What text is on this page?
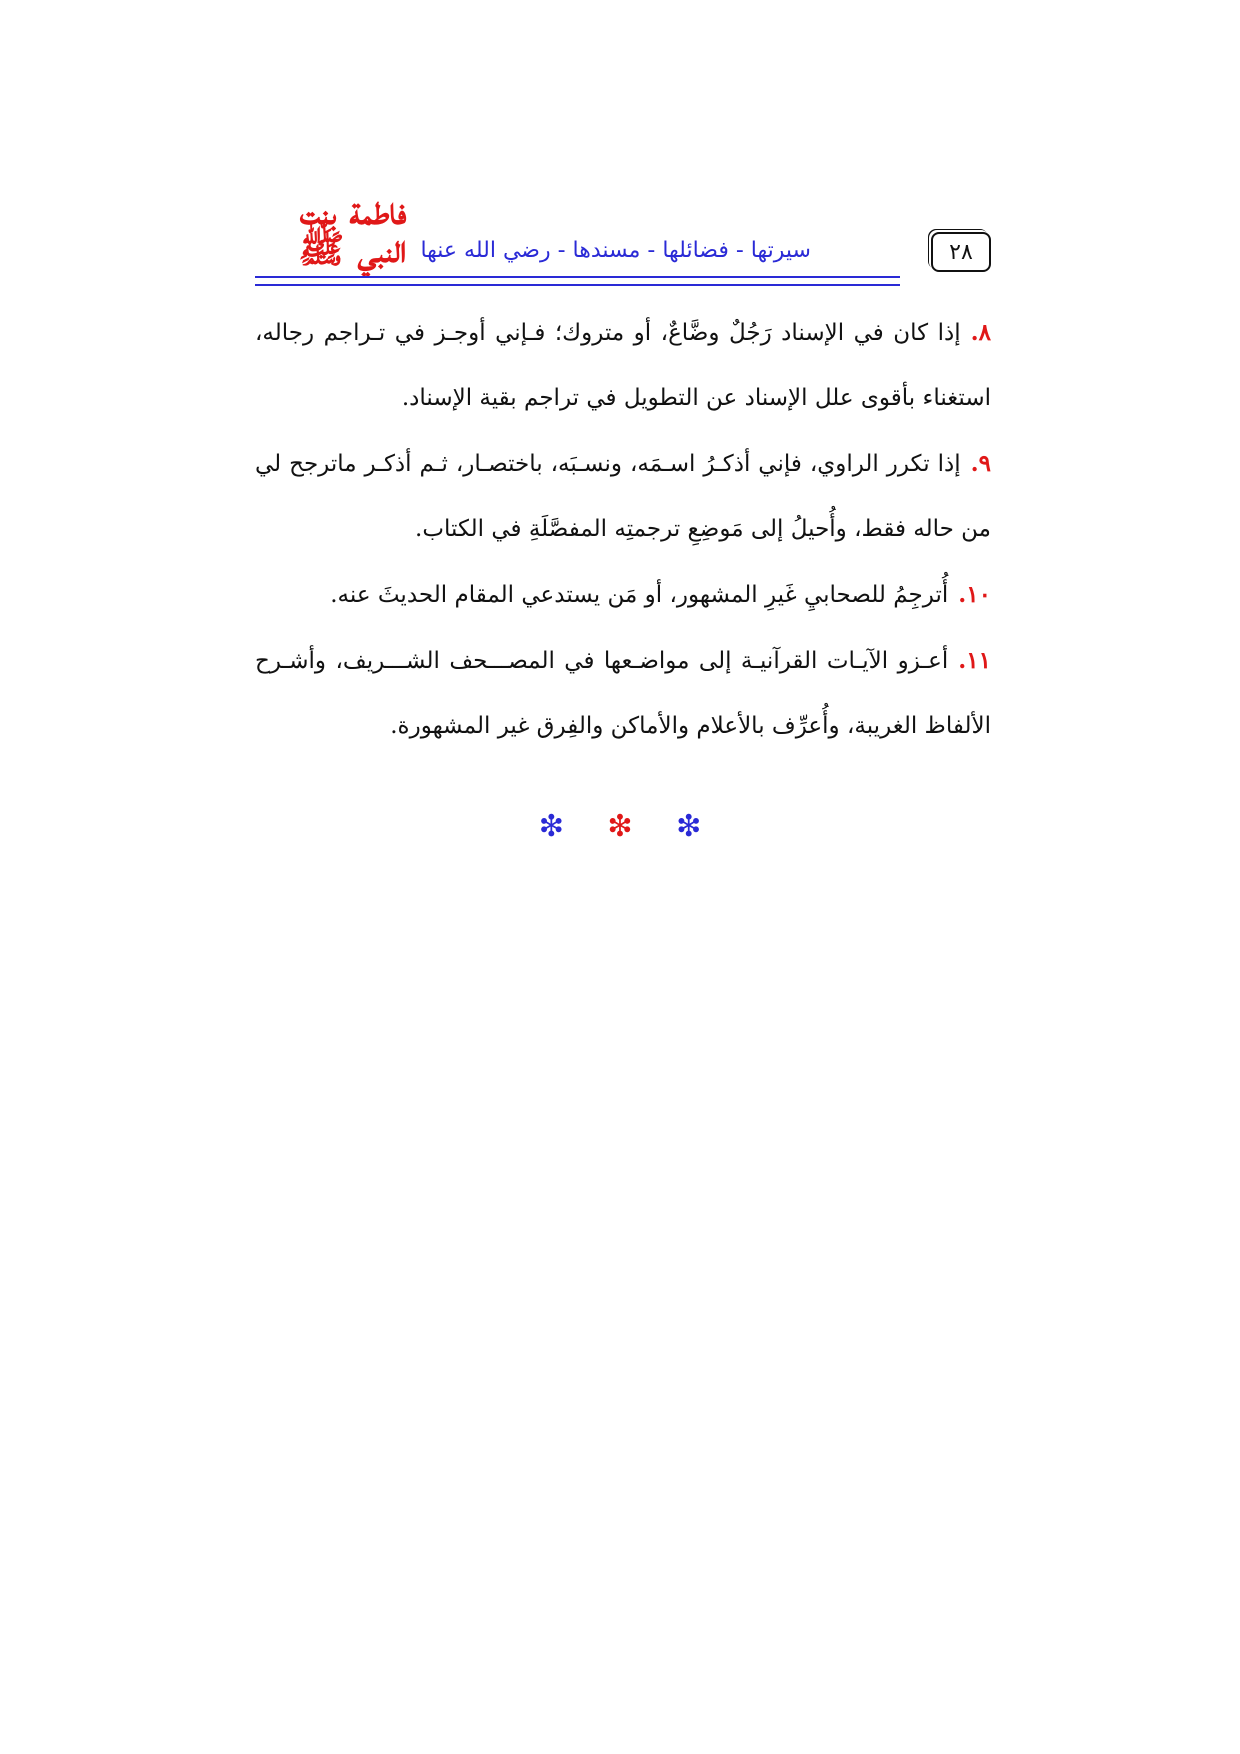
فاطمة بنت النبي ﷺ سيرتها - فضائلها - مسندها - رضي الله عنها	٢٨

٨.إذا كان في الإسناد رَجُلٌ وضَّاعٌ، أو متروك؛ فـإني أوجـز في تـراجم رجاله، استغناء بأقوى علل الإسناد عن التطويل في تراجم بقية الإسناد.

٩.إذا تكرر الراوي، فإني أذكـرُ اسـمَه، ونسـبَه، باختصـار، ثـم أذكـر ماترجح لي من حاله فقط، وأُحيلُ إلى مَوضِعِ ترجمتِه المفصَّلَةِ في الكتاب.

١٠.أُترجِمُ للصحابيِ غَيرِ المشهور، أو مَن يستدعي المقام الحديثَ عنه.

١١.أعـزو الآيـات القرآنيـة إلى مواضـعها في المصـــحف الشـــريف، وأشـرح الألفاظ الغريبة، وأُعرِّف بالأعلام والأماكن والفِرق غير المشهورة.

❇ ❇ ❇
